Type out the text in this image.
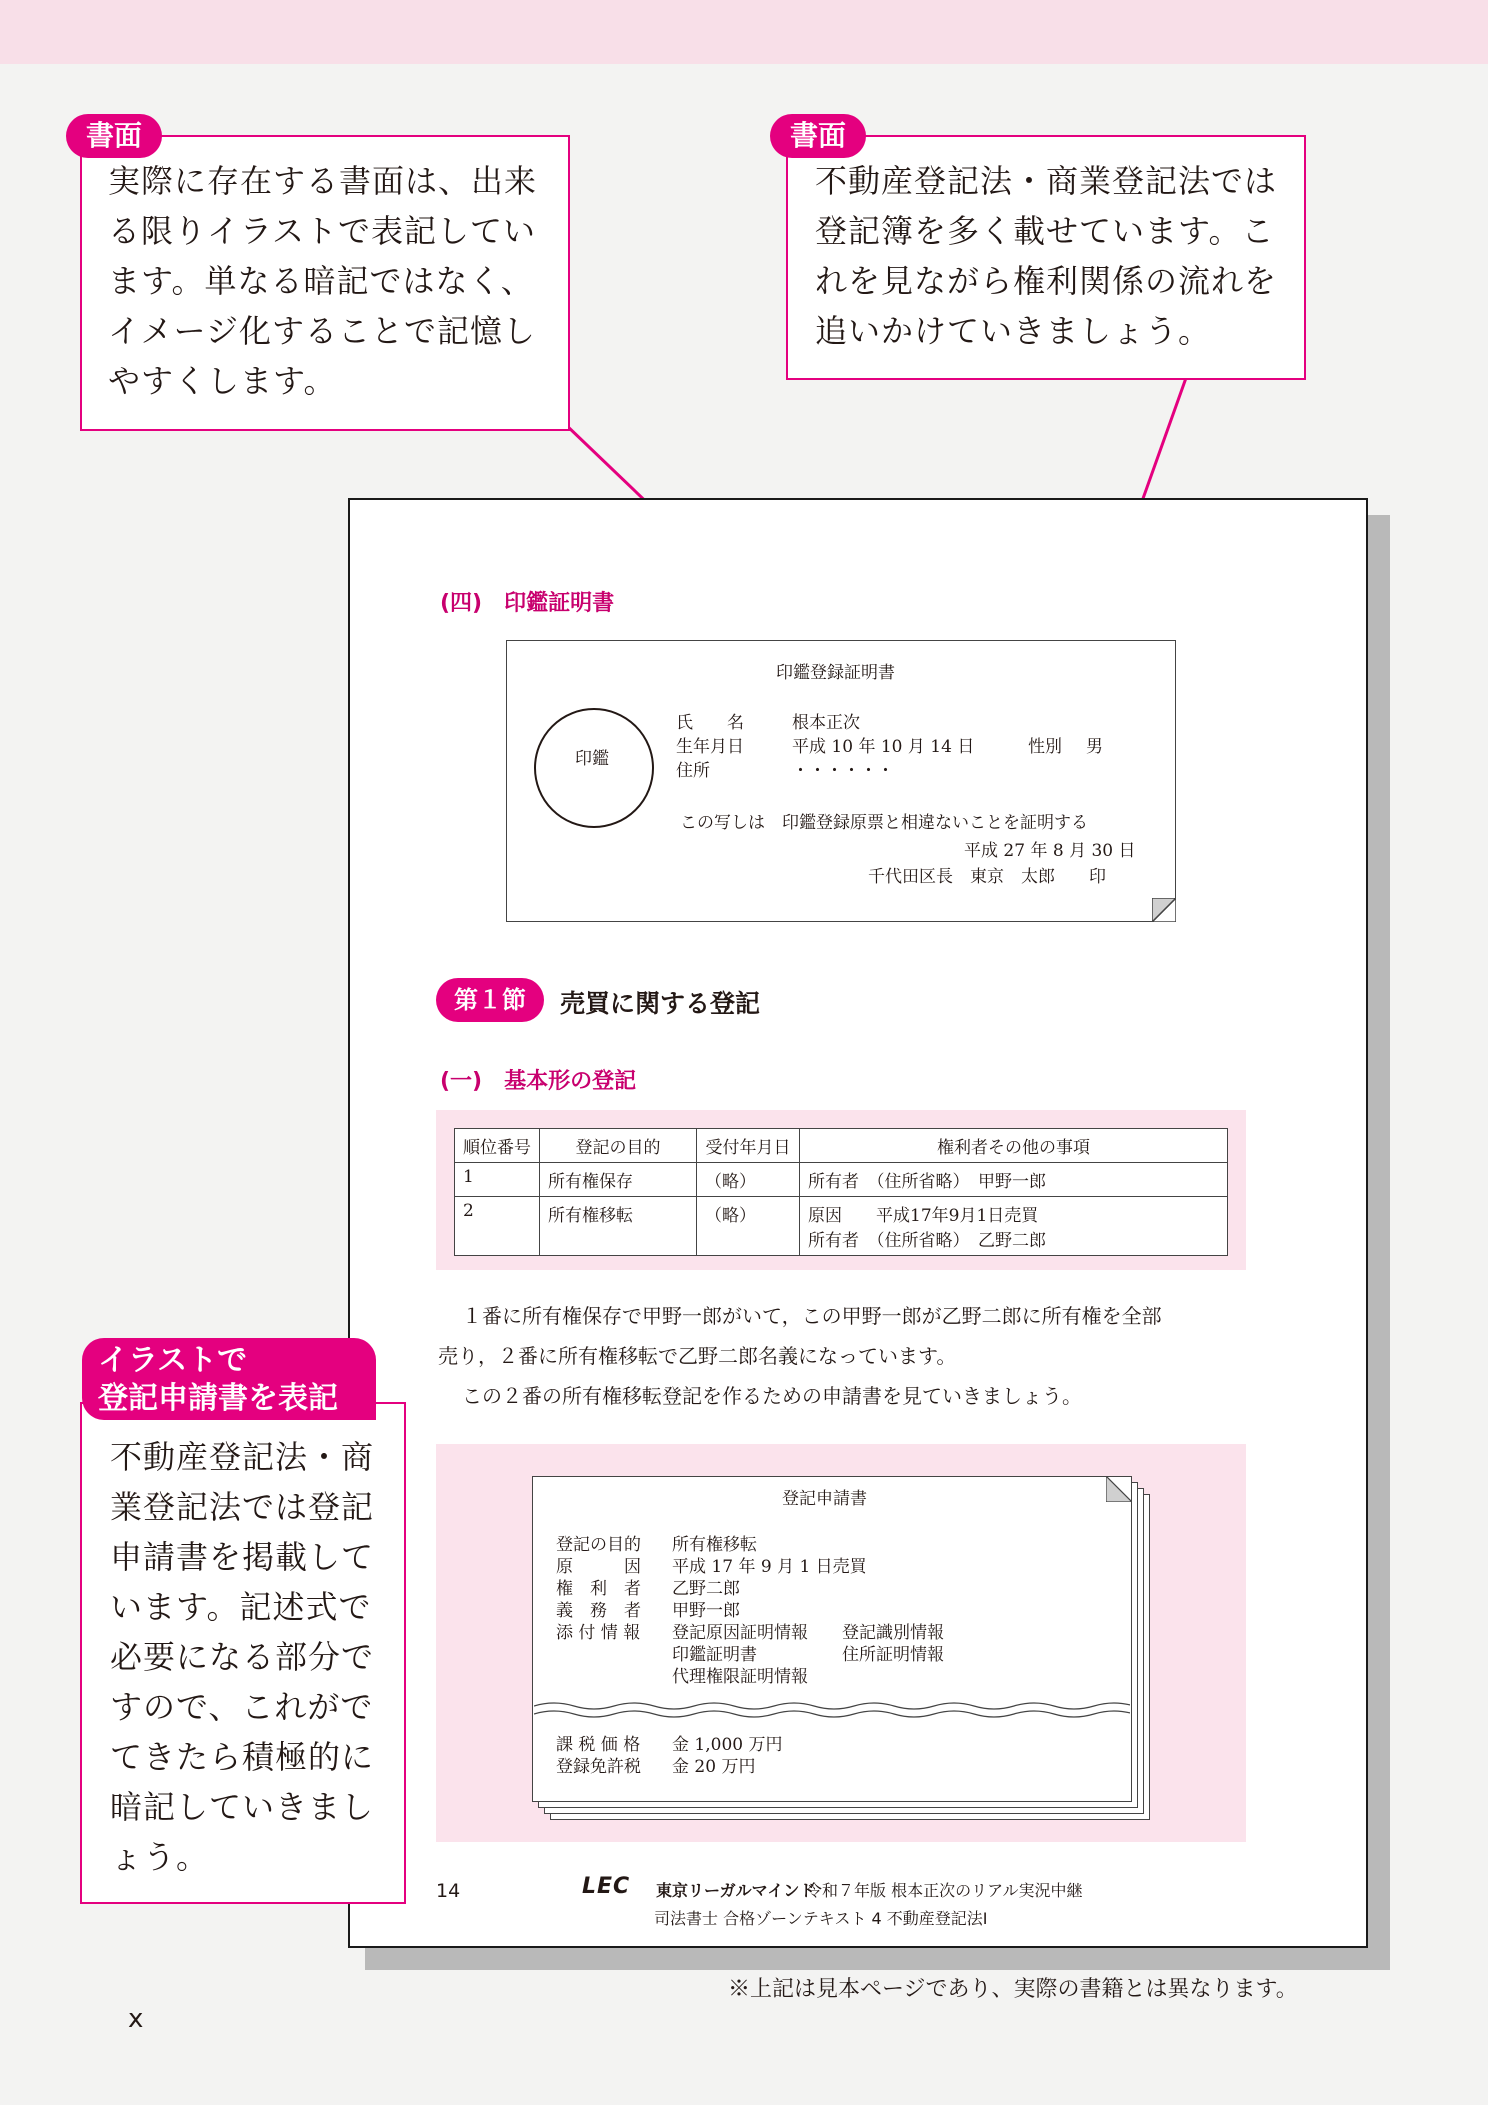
書面
実際に存在する書面は、出来
る限りイラストで表記してい
ます。単なる暗記ではなく、
イメージ化することで記憶し
やすくします。
書面
不動産登記法・商業登記法では
登記簿を多く載せています。こ
れを見ながら権利関係の流れを
追いかけていきましょう。
(四)　印鑑証明書
印鑑登録証明書
印鑑
氏　　名	根本正次
生年月日	平成 10 年 10 月 14 日	性別 男
住所	・・・・・・
この写しは　印鑑登録原票と相違ないことを証明する
平成 27 年 8 月 30 日
千代田区長　東京　太郎　　印
第１節	売買に関する登記
(一)　基本形の登記
順位番号	登記の目的	受付年月日	権利者その他の事項
1	所有権保存	（略）	所有者　（住所省略）　甲野一郎
2	所有権移転	（略）	原因　　平成17年9月1日売買
所有者　（住所省略）　乙野二郎
１番に所有権保存で甲野一郎がいて，この甲野一郎が乙野二郎に所有権を全部
売り，２番に所有権移転で乙野二郎名義になっています。
この２番の所有権移転登記を作るための申請書を見ていきましょう。
登記申請書
登記の目的 所有権移転
原　　　因 平成 17 年 9 月 1 日売買
権　利　者 乙野二郎
義　務　者 甲野一郎
添 付 情 報 登記原因証明情報 登記識別情報
印鑑証明書	住所証明情報
代理権限証明情報
課 税 価 格 金 1,000 万円
登録免許税 金 20 万円
14	LEC 東京リーガルマインド
令和７年版 根本正次のリアル実況中継
司法書士 合格ゾーンテキスト 4 不動産登記法Ⅰ
イラストで
登記申請書を表記
不動産登記法・商
業登記法では登記
申請書を掲載して
います。記述式で
必要になる部分で
すので、これがで
てきたら積極的に
暗記していきまし
ょう。
※上記は見本ページであり、実際の書籍とは異なります。
x
